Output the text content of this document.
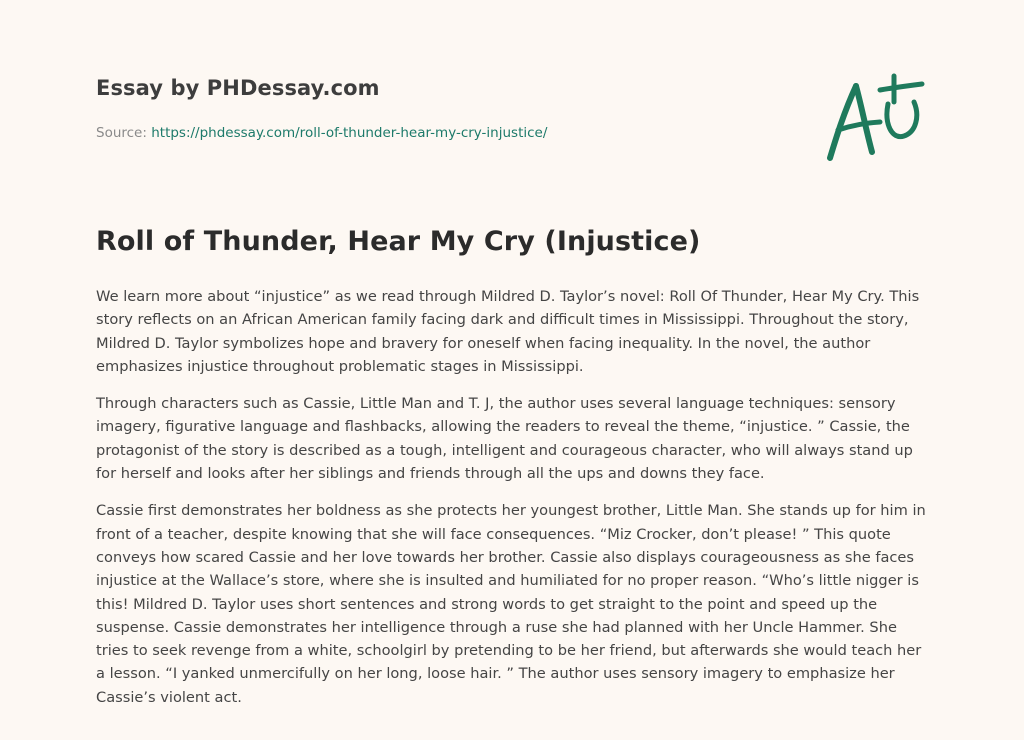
Essay by PHDessay.com
Source: https://phdessay.com/roll-of-thunder-hear-my-cry-injustice/
Roll of Thunder, Hear My Cry (Injustice)

We learn more about “injustice” as we read through Mildred D. Taylor’s novel: Roll Of Thunder, Hear My Cry. This story reflects on an African American family facing dark and difficult times in Mississippi. Throughout the story, Mildred D. Taylor symbolizes hope and bravery for oneself when facing inequality. In the novel, the author emphasizes injustice throughout problematic stages in Mississippi.

Through characters such as Cassie, Little Man and T. J, the author uses several language techniques: sensory imagery, figurative language and flashbacks, allowing the readers to reveal the theme, “injustice. ” Cassie, the protagonist of the story is described as a tough, intelligent and courageous character, who will always stand up for herself and looks after her siblings and friends through all the ups and downs they face.

Cassie first demonstrates her boldness as she protects her youngest brother, Little Man. She stands up for him in front of a teacher, despite knowing that she will face consequences. “Miz Crocker, don’t please! ” This quote conveys how scared Cassie and her love towards her brother. Cassie also displays courageousness as she faces injustice at the Wallace’s store, where she is insulted and humiliated for no proper reason. “Who’s little nigger is this! Mildred D. Taylor uses short sentences and strong words to get straight to the point and speed up the suspense. Cassie demonstrates her intelligence through a ruse she had planned with her Uncle Hammer. She tries to seek revenge from a white, schoolgirl by pretending to be her friend, but afterwards she would teach her a lesson. “I yanked unmercifully on her long, loose hair. ” The author uses sensory imagery to emphasize her Cassie’s violent act.
